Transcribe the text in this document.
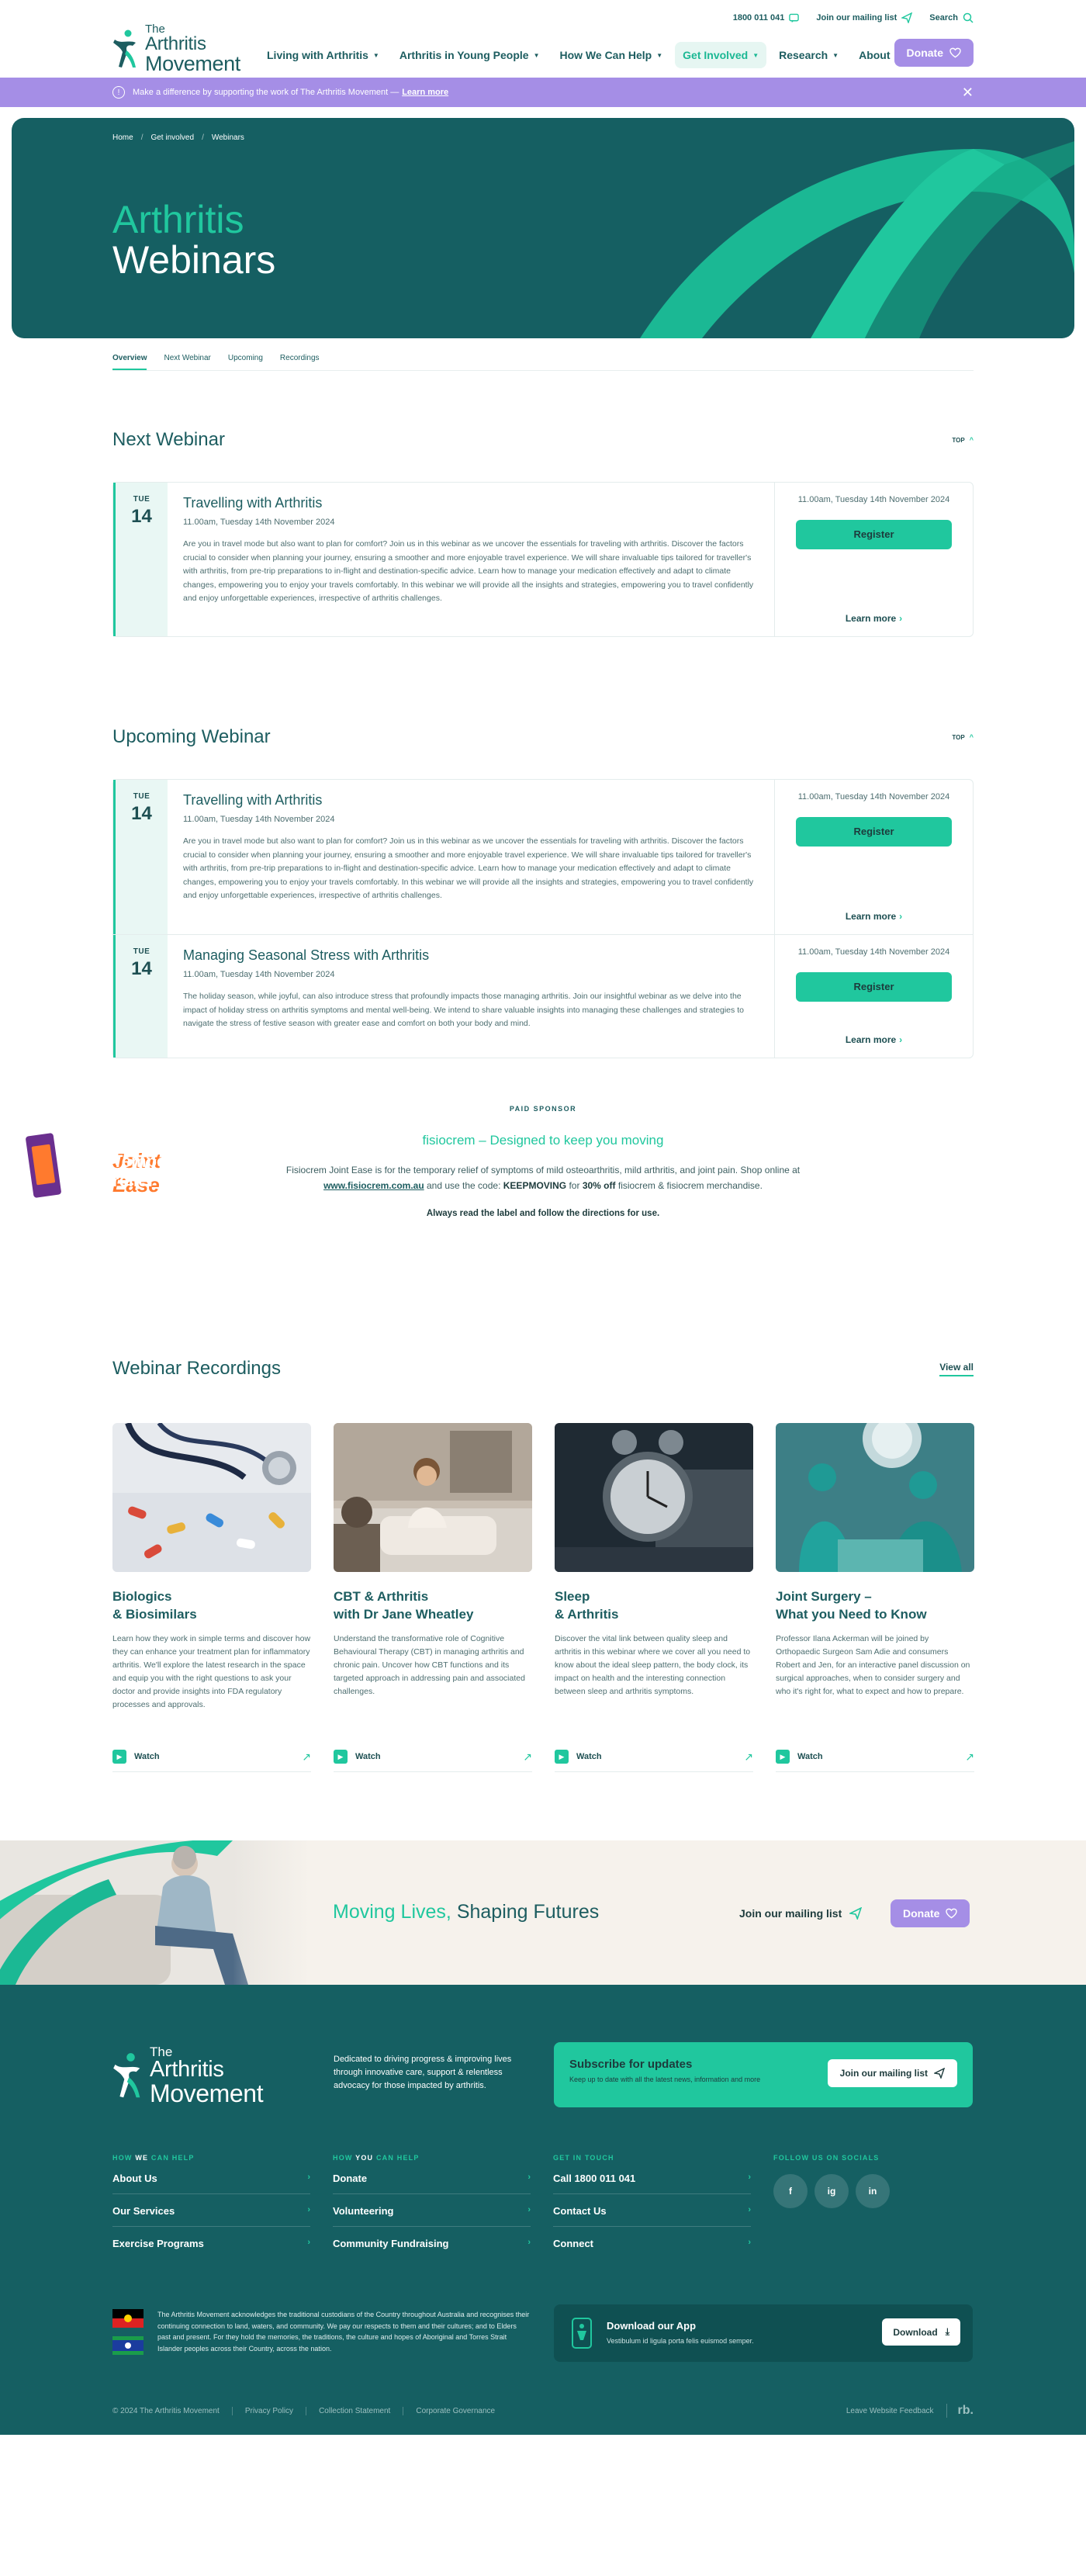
The
Arthritis
Movement
1800 011 041	Join our mailing list	Search
Living with Arthritis ▼ Arthritis in Young People ▼ How We Can Help ▼ Get Involved ▼ Research ▼ About Donate
!	Make a difference by supporting the work of The Arthritis Movement — Learn more	✕
Home / Get involved / Webinars
Arthritis
Webinars
Overview Next Webinar Upcoming Recordings
Next Webinar	TOP ^
TUE
14
Travelling with Arthritis
11.00am, Tuesday 14th November 2024

Are you in travel mode but also want to plan for comfort? Join us in this webinar as we uncover the essentials for traveling with arthritis. Discover the factors crucial to consider when planning your journey, ensuring a smoother and more enjoyable travel experience. We will share invaluable tips tailored for traveller's with arthritis, from pre-trip preparations to in-flight and destination-specific advice. Learn how to manage your medication effectively and adapt to climate changes, empowering you to enjoy your travels comfortably. In this webinar we will provide all the insights and strategies, empowering you to travel confidently and enjoy unforgettable experiences, irrespective of arthritis challenges.

11.00am, Tuesday 14th November 2024
Register
Learn more ›
Upcoming Webinar	TOP ^
TUE
14
Travelling with Arthritis
11.00am, Tuesday 14th November 2024

Are you in travel mode but also want to plan for comfort? Join us in this webinar as we uncover the essentials for traveling with arthritis. Discover the factors crucial to consider when planning your journey, ensuring a smoother and more enjoyable travel experience. We will share invaluable tips tailored for traveller's with arthritis, from pre-trip preparations to in-flight and destination-specific advice. Learn how to manage your medication effectively and adapt to climate changes, empowering you to enjoy your travels comfortably. In this webinar we will provide all the insights and strategies, empowering you to travel confidently and enjoy unforgettable experiences, irrespective of arthritis challenges.

11.00am, Tuesday 14th November 2024
Register
Learn more ›
TUE
14
Managing Seasonal Stress with Arthritis
11.00am, Tuesday 14th November 2024

The holiday season, while joyful, can also introduce stress that profoundly impacts those managing arthritis. Join our insightful webinar as we delve into the impact of holiday stress on arthritis symptoms and mental well-being. We intend to share valuable insights into managing these challenges and strategies to navigate the stress of festive season with greater ease and comfort on both your body and mind.

11.00am, Tuesday 14th November 2024
Register
Learn more ›
PAID SPONSOR
fisiocrem – Designed to keep you moving

Fisiocrem Joint Ease is for the temporary relief of symptoms of mild osteoarthritis, mild arthritis, and joint pain. Shop online at
www.fisiocrem.com.au and use the code: KEEPMOVING for 30% off fisiocrem & fisiocrem merchandise.

Always read the label and follow the directions for use.
Webinar Recordings	View all
Biologics
& Biosimilars

Learn how they work in simple terms and discover how they can enhance your treatment plan for inflammatory arthritis. We'll explore the latest research in the space and equip you with the right questions to ask your doctor and provide insights into FDA regulatory processes and approvals.

▶	Watch	↗
CBT & Arthritis
with Dr Jane Wheatley

Understand the transformative role of Cognitive Behavioural Therapy (CBT) in managing arthritis and chronic pain. Uncover how CBT functions and its targeted approach in addressing pain and associated challenges.

▶	Watch	↗
Sleep
& Arthritis

Discover the vital link between quality sleep and arthritis in this webinar where we cover all you need to know about the ideal sleep pattern, the body clock, its impact on health and the interesting connection between sleep and arthritis symptoms.

▶	Watch	↗
Joint Surgery –
What you Need to Know

Professor Ilana Ackerman will be joined by Orthopaedic Surgeon Sam Adie and consumers Robert and Jen, for an interactive panel discussion on surgical approaches, when to consider surgery and who it's right for, what to expect and how to prepare.

▶	Watch	↗
Moving Lives, Shaping Futures	Join our mailing list	Donate
The
Arthritis
Movement

Dedicated to driving progress & improving lives through innovative care, support & relentless advocacy for those impacted by arthritis.

Subscribe for updates
Keep up to date with all the latest news, information and more
Join our mailing list
HOW WE CAN HELP
About Us	›
Our Services	›
Exercise Programs	›
HOW YOU CAN HELP
Donate	›
Volunteering	›
Community Fundraising	›
GET IN TOUCH
Call 1800 011 041	›
Contact Us	›
Connect	›
FOLLOW US ON SOCIALS
f	ig	in

The Arthritis Movement acknowledges the traditional custodians of the Country throughout Australia and recognises their continuing connection to land, waters, and community. We pay our respects to them and their cultures; and to Elders past and present. For they hold the memories, the traditions, the culture and hopes of Aboriginal and Torres Strait Islander peoples across their Country, across the nation.

Download our App
Vestibulum id ligula porta felis euismod semper.
Download ⤓
© 2024 The Arthritis Movement	Privacy Policy	Collection Statement	Corporate Governance	Leave Website Feedback	rb.
